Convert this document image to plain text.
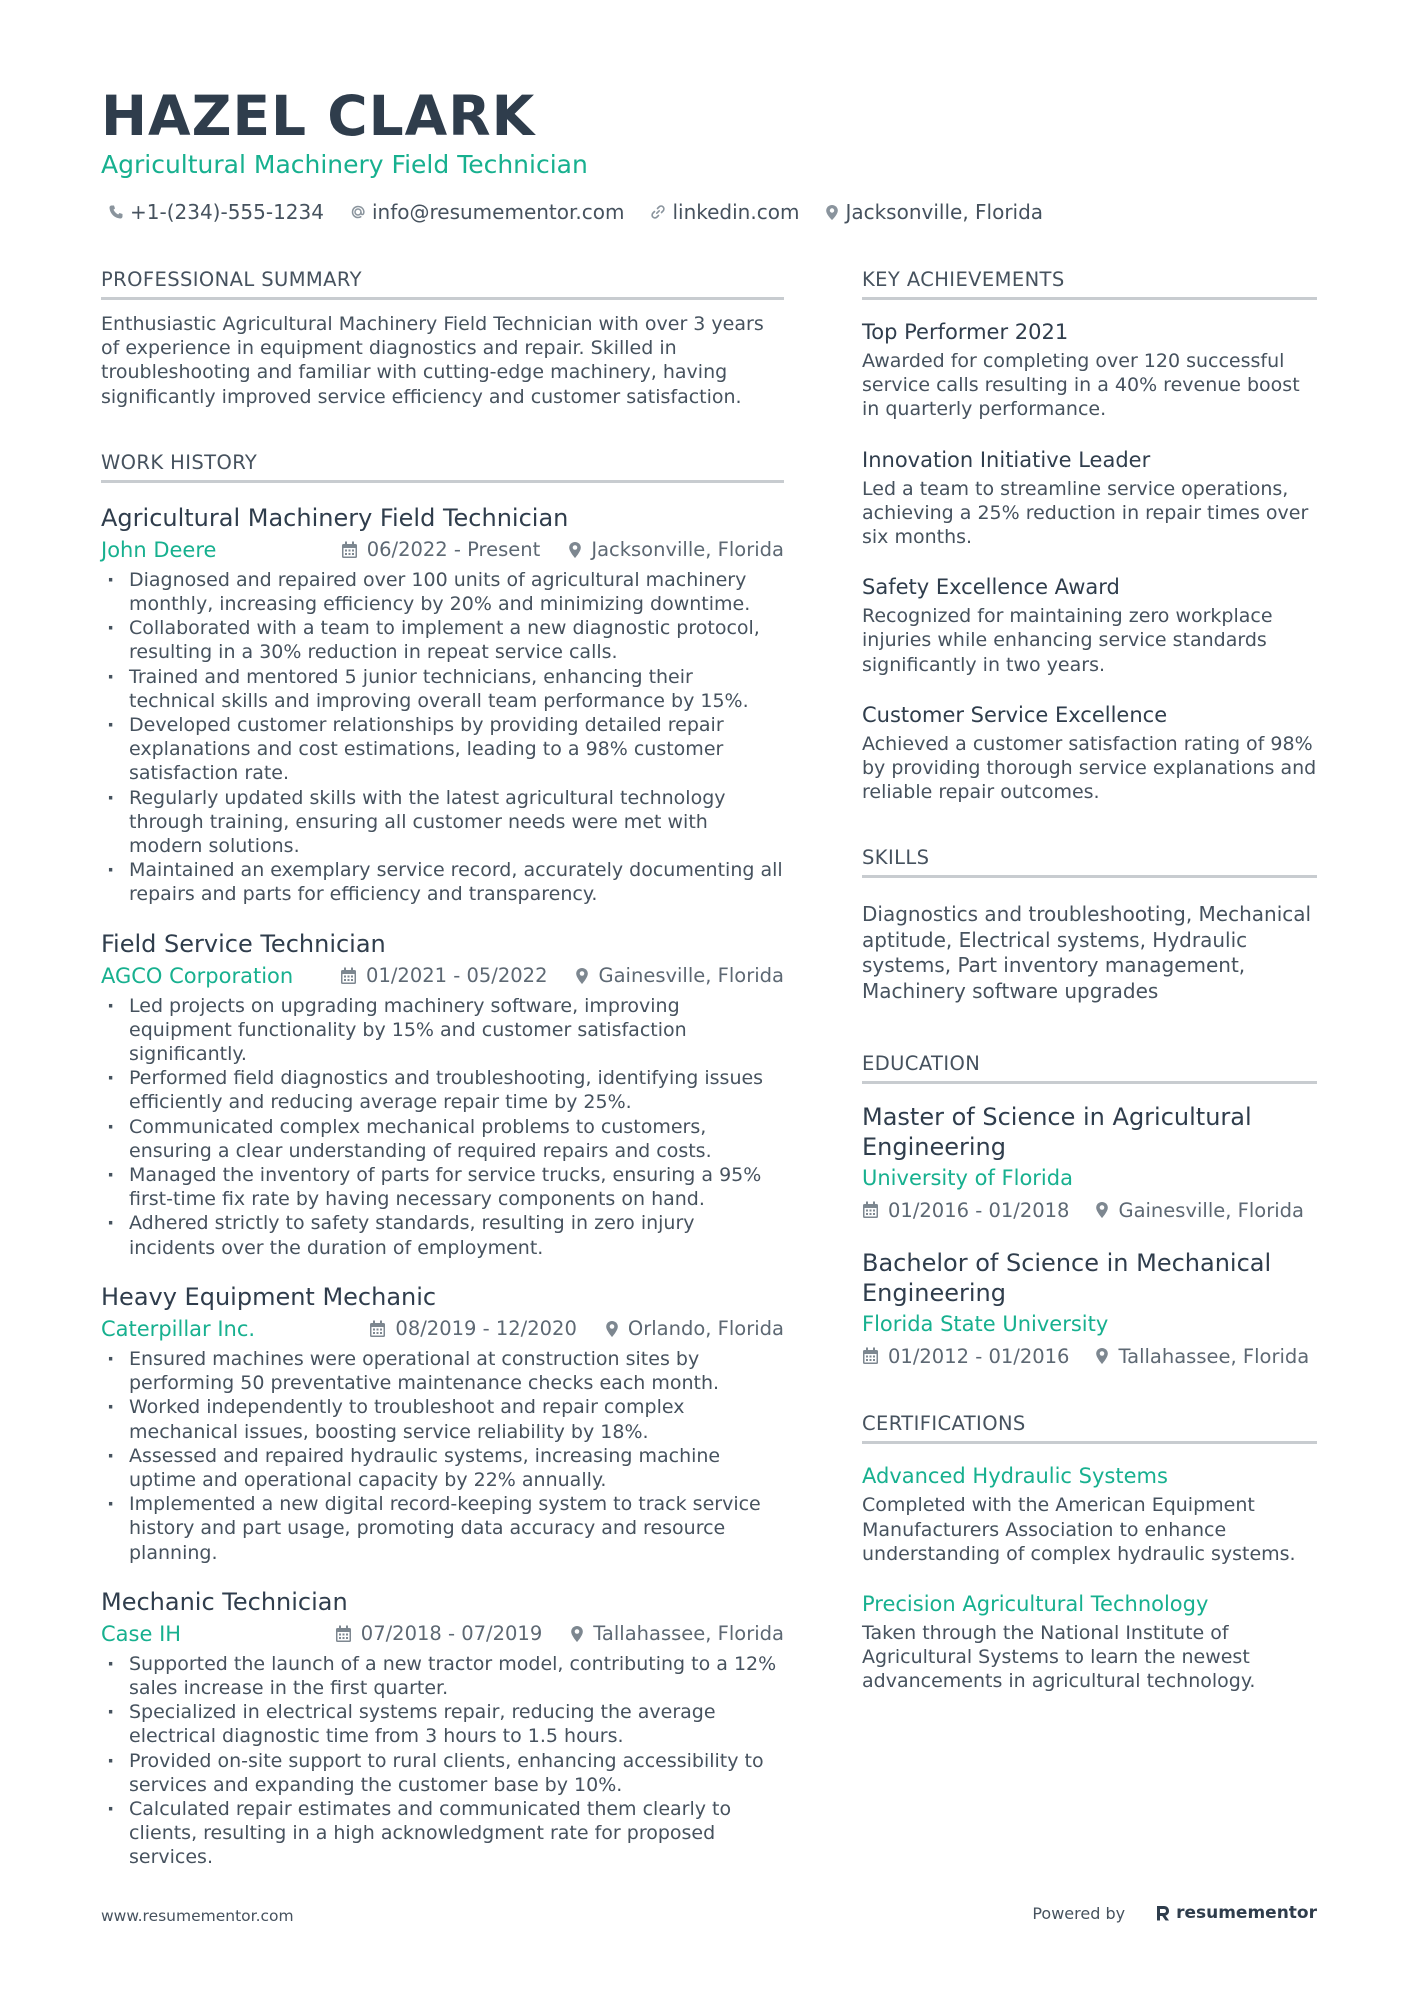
HAZEL CLARK
Agricultural Machinery Field Technician
+1-(234)-555-1234 info@resumementor.com linkedin.com Jacksonville, Florida
PROFESSIONAL SUMMARY
Enthusiastic Agricultural Machinery Field Technician with over 3 years of experience in equipment diagnostics and repair. Skilled in troubleshooting and familiar with cutting-edge machinery, having significantly improved service efficiency and customer satisfaction.
WORK HISTORY
Agricultural Machinery Field Technician
John Deere	06/2022 - Present	Jacksonville, Florida
· Diagnosed and repaired over 100 units of agricultural machinery monthly, increasing efficiency by 20% and minimizing downtime.
· Collaborated with a team to implement a new diagnostic protocol, resulting in a 30% reduction in repeat service calls.
· Trained and mentored 5 junior technicians, enhancing their technical skills and improving overall team performance by 15%.
· Developed customer relationships by providing detailed repair explanations and cost estimations, leading to a 98% customer satisfaction rate.
· Regularly updated skills with the latest agricultural technology through training, ensuring all customer needs were met with modern solutions.
· Maintained an exemplary service record, accurately documenting all repairs and parts for efficiency and transparency.
Field Service Technician
AGCO Corporation	01/2021 - 05/2022	Gainesville, Florida
· Led projects on upgrading machinery software, improving equipment functionality by 15% and customer satisfaction significantly.
· Performed field diagnostics and troubleshooting, identifying issues efficiently and reducing average repair time by 25%.
· Communicated complex mechanical problems to customers, ensuring a clear understanding of required repairs and costs.
· Managed the inventory of parts for service trucks, ensuring a 95% first-time fix rate by having necessary components on hand.
· Adhered strictly to safety standards, resulting in zero injury incidents over the duration of employment.
Heavy Equipment Mechanic
Caterpillar Inc.	08/2019 - 12/2020	Orlando, Florida
· Ensured machines were operational at construction sites by performing 50 preventative maintenance checks each month.
· Worked independently to troubleshoot and repair complex mechanical issues, boosting service reliability by 18%.
· Assessed and repaired hydraulic systems, increasing machine uptime and operational capacity by 22% annually.
· Implemented a new digital record-keeping system to track service history and part usage, promoting data accuracy and resource planning.
Mechanic Technician
Case IH	07/2018 - 07/2019	Tallahassee, Florida
· Supported the launch of a new tractor model, contributing to a 12% sales increase in the first quarter.
· Specialized in electrical systems repair, reducing the average electrical diagnostic time from 3 hours to 1.5 hours.
· Provided on-site support to rural clients, enhancing accessibility to services and expanding the customer base by 10%.
· Calculated repair estimates and communicated them clearly to clients, resulting in a high acknowledgment rate for proposed services.
KEY ACHIEVEMENTS
Top Performer 2021
Awarded for completing over 120 successful service calls resulting in a 40% revenue boost in quarterly performance.
Innovation Initiative Leader
Led a team to streamline service operations, achieving a 25% reduction in repair times over six months.
Safety Excellence Award
Recognized for maintaining zero workplace injuries while enhancing service standards significantly in two years.
Customer Service Excellence
Achieved a customer satisfaction rating of 98% by providing thorough service explanations and reliable repair outcomes.
SKILLS
Diagnostics and troubleshooting, Mechanical aptitude, Electrical systems, Hydraulic systems, Part inventory management, Machinery software upgrades
EDUCATION
Master of Science in Agricultural Engineering
University of Florida
01/2016 - 01/2018	Gainesville, Florida
Bachelor of Science in Mechanical Engineering
Florida State University
01/2012 - 01/2016	Tallahassee, Florida
CERTIFICATIONS
Advanced Hydraulic Systems
Completed with the American Equipment Manufacturers Association to enhance understanding of complex hydraulic systems.
Precision Agricultural Technology
Taken through the National Institute of Agricultural Systems to learn the newest advancements in agricultural technology.
www.resumementor.com	Powered by	resumementor
